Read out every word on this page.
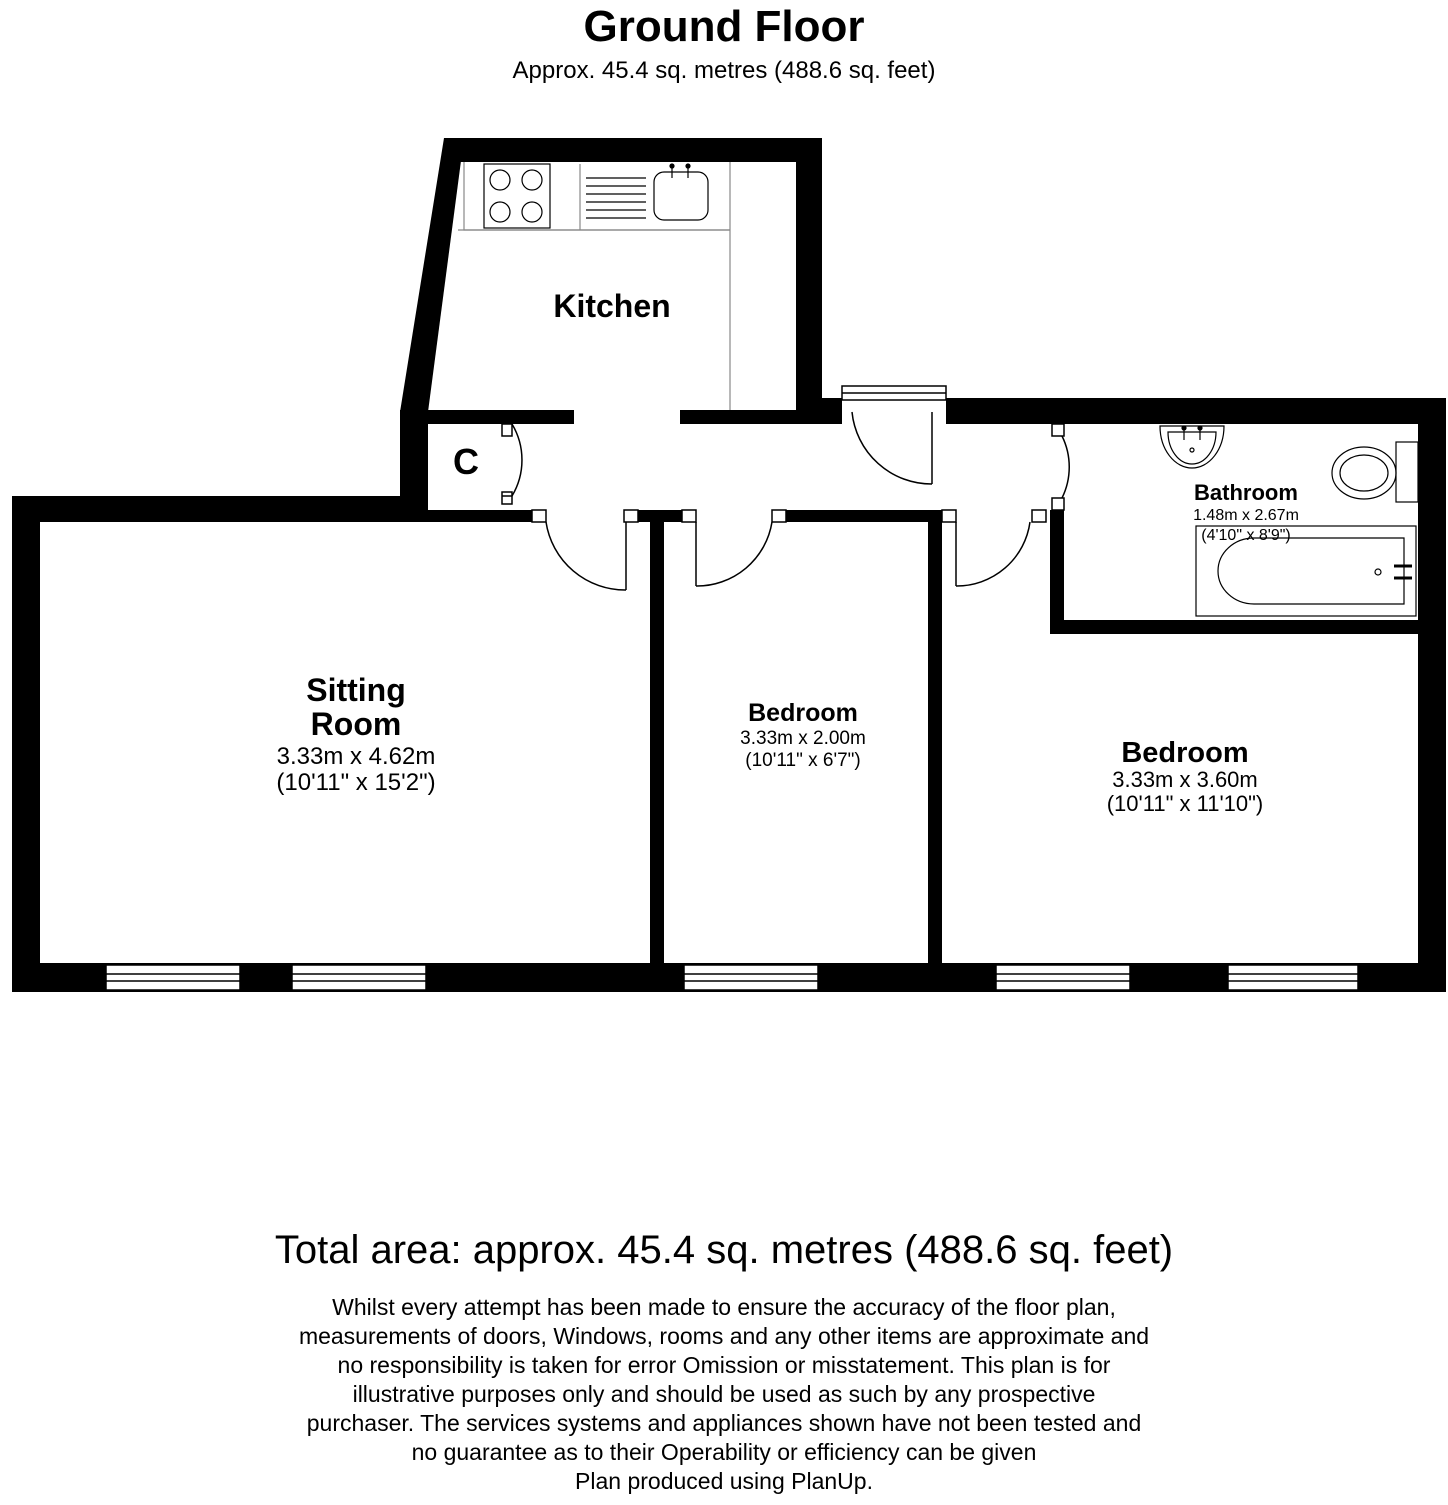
Ground Floor
Approx. 45.4 sq. metres (488.6 sq. feet)
Kitchen
C
Sitting
Room
3.33m x 4.62m
(10'11" x 15'2")
Bedroom
3.33m x 2.00m
(10'11" x 6'7")	Bedroom
3.33m x 3.60m
(10'11" x 11'10")
Bathroom
1.48m x 2.67m
(4'10" x 8'9")
Total area: approx. 45.4 sq. metres (488.6 sq. feet)
Whilst every attempt has been made to ensure the accuracy of the floor plan,
measurements of doors, Windows, rooms and any other items are approximate and
no responsibility is taken for error Omission or misstatement. This plan is for
illustrative purposes only and should be used as such by any prospective
purchaser. The services systems and appliances shown have not been tested and
no guarantee as to their Operability or efficiency can be given
Plan produced using PlanUp.
